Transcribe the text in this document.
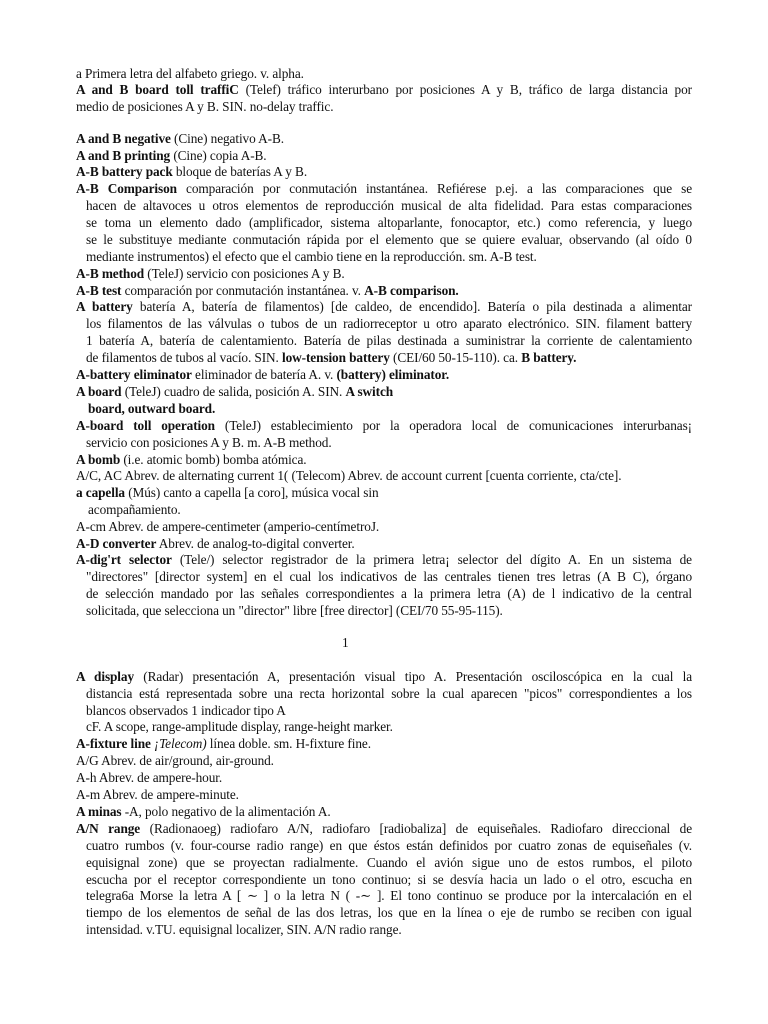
a Primera letra del alfabeto griego. v. alpha.

A and B board toll traffiC (Telef) tráfico interurbano por posiciones A y B, tráfico de larga distancia por

medio de posiciones A y B. SIN. no-delay traffic.

A and B negative (Cine) negativo A-B.

A and B printing (Cine) copia A-B.

A-B battery pack bloque de baterías A y B.

A-B Comparison comparación por conmutación instantánea. Refiérese p.ej. a las comparaciones que se

hacen de altavoces u otros elementos de reproducción musical de alta fidelidad. Para estas comparaciones

se toma un elemento dado (amplificador, sistema altoparlante, fonocaptor, etc.) como referencia, y luego

se le substituye mediante conmutación rápida por el elemento que se quiere evaluar, observando (al oído 0

mediante instrumentos) el efecto que el cambio tiene en la reproducción. sm. A-B test.

A-B method (TeleJ) servicio con posiciones A y B.

A-B test comparación por conmutación instantánea. v. A-B comparison.

A battery batería A, batería de filamentos) [de caldeo, de encendido]. Batería o pila destinada a alimentar

los filamentos de las válvulas o tubos de un radiorreceptor u otro aparato electrónico. SIN. filament battery

1 batería A, batería de calentamiento. Batería de pilas destinada a suministrar la corriente de calentamiento

de filamentos de tubos al vacío. SIN. low-tension battery (CEI/60 50-15-110). ca. B battery.

A-battery eliminator eliminador de batería A. v. (battery) eliminator.

A board (TeleJ) cuadro de salida, posición A. SIN. A switch

board, outward board.

A-board toll operation (TeleJ) establecimiento por la operadora local de comunicaciones interurbanas¡

servicio con posiciones A y B. m. A-B method.

A bomb (i.e. atomic bomb) bomba atómica.

A/C, AC Abrev. de alternating current 1( (Telecom) Abrev. de account current [cuenta corriente, cta/cte].

a capella (Mús) canto a capella [a coro], música vocal sin

acompañamiento.

A-cm Abrev. de ampere-centimeter (amperio-centímetroJ.

A-D converter Abrev. de analog-to-digital converter.

A-dig'rt selector (Tele/) selector registrador de la primera letra¡ selector del dígito A. En un sistema de

"directores" [director system] en el cual los indicativos de las centrales tienen tres letras (A B C), órgano

de selección mandado por las señales correspondientes a la primera letra (A) de l indicativo de la central

solicitada, que selecciona un "director" libre [free director] (CEI/70 55-95-115).

A display (Radar) presentación A, presentación visual tipo A. Presentación osciloscópica en la cual la

distancia está representada sobre una recta horizontal sobre la cual aparecen "picos" correspondientes a los

blancos observados 1 indicador tipo A

cF. A scope, range-amplitude display, range-height marker.

A-fixture line ¡Telecom) línea doble. sm. H-fixture fine.

A/G Abrev. de air/ground, air-ground.

A-h Abrev. de ampere-hour.

A-m Abrev. de ampere-minute.

A minas -A, polo negativo de la alimentación A.

A/N range (Radionaoeg) radiofaro A/N, radiofaro [radiobaliza] de equiseñales. Radiofaro direccional de

cuatro rumbos (v. four-course radio range) en que éstos están definidos por cuatro zonas de equiseñales (v.

equisignal zone) que se proyectan radialmente. Cuando el avión sigue uno de estos rumbos, el piloto

escucha por el receptor correspondiente un tono continuo; si se desvía hacia un lado o el otro, escucha en

telegra6a Morse la letra A [ ∼ ] o la letra N ( -∼ ]. El tono continuo se produce por la intercalación en el

tiempo de los elementos de señal de las dos letras, los que en la línea o eje de rumbo se reciben con igual

intensidad. v.TU. equisignal localizer, SIN. A/N radio range.

1
